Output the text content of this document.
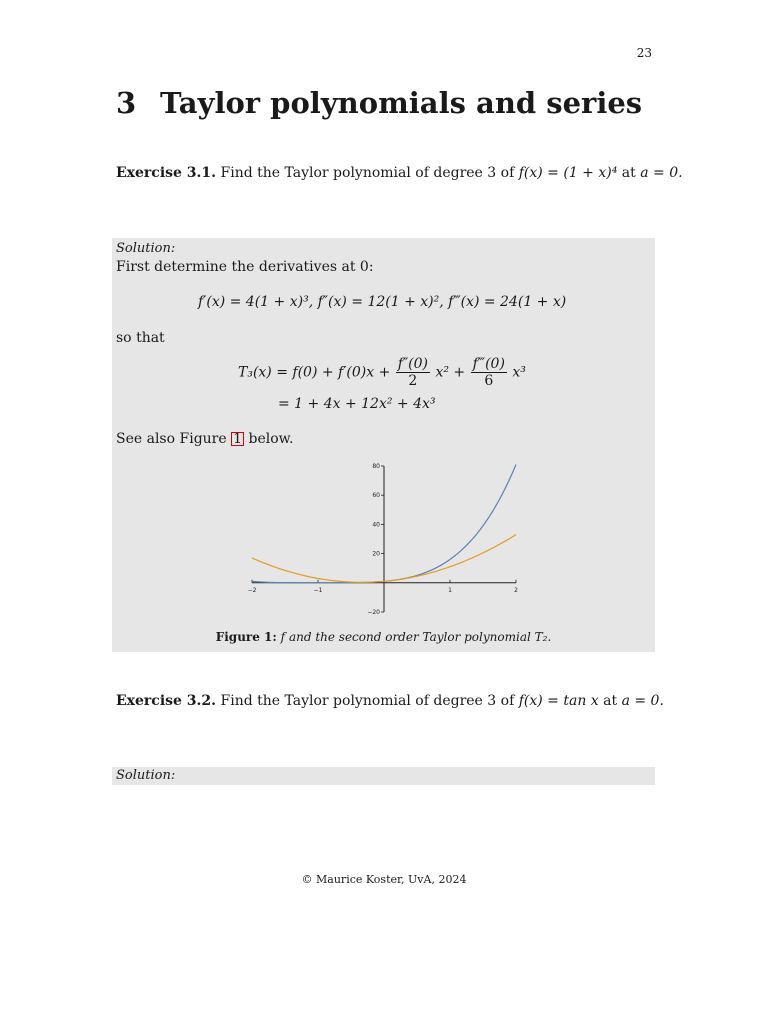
23
3 Taylor polynomials and series
Exercise 3.1. Find the Taylor polynomial of degree 3 of f(x) = (1 + x)⁴ at a = 0.
Solution:
First determine the derivatives at 0:
f′(x) = 4(1 + x)³, f″(x) = 12(1 + x)², f‴(x) = 24(1 + x)
so that
$T_3(x) = f(0) + f'(0)x + \frac{f''(0)}{2} x^2 + \frac{f‴(0)}{6} x^3$
= 1 + 4x + 12x² + 4x³
See also Figure 1 below.
−2	−1	1	2
−20
20
40
60
80
Figure 1: f and the second order Taylor polynomial T₂.
Exercise 3.2. Find the Taylor polynomial of degree 3 of f(x) = tan x at a = 0.
Solution:
© Maurice Koster, UvA, 2024
